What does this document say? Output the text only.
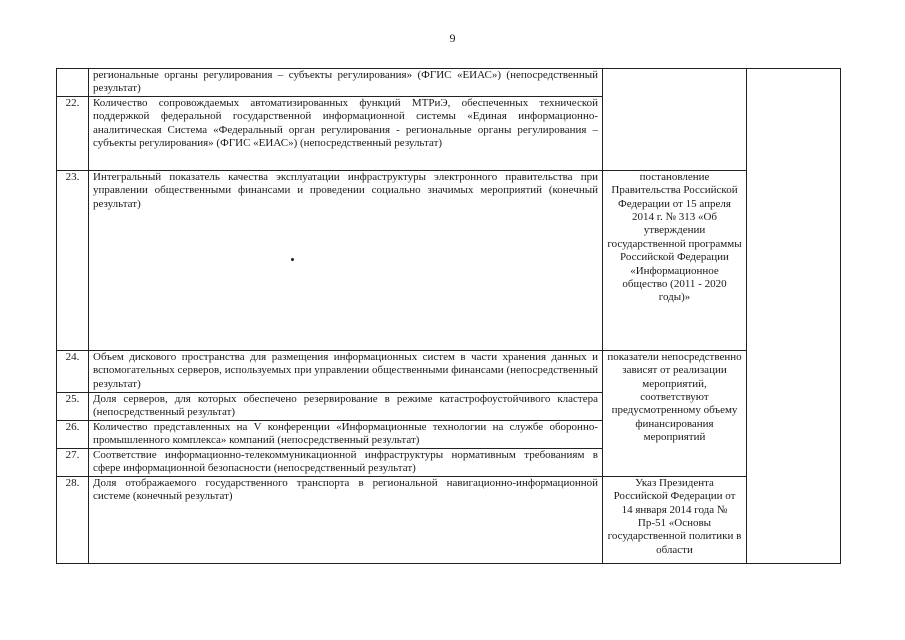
9
	региональные органы регулирования – субъекты регулирования» (ФГИС «ЕИАС») (непосредственный результат)		
22.	Количество сопровождаемых автоматизированных функций МТРиЭ, обеспеченных технической поддержкой федеральной государственной информационной системы «Единая информационно-аналитическая Система «Федеральный орган регулирования - региональные органы регулирования – субъекты регулирования» (ФГИС «ЕИАС») (непосредственный результат)		
23.	Интегральный показатель качества эксплуатации инфраструктуры электронного правительства при управлении общественными финансами и проведении социально значимых мероприятий (конечный результат)	постановление Правительства Российской Федерации от 15 апреля 2014 г. № 313 «Об утверждении государственной программы Российской Федерации «Информационное общество (2011 - 2020 годы)»	
24.	Объем дискового пространства для размещения информационных систем в части хранения данных и вспомогательных серверов, используемых при управлении общественными финансами (непосредственный результат)	показатели непосредственно зависят от реализации мероприятий, соответствуют предусмотренному объему финансирования мероприятий	
25.	Доля серверов, для которых обеспечено резервирование в режиме катастрофоустойчивого кластера (непосредственный результат)		
26.	Количество представленных на V конференции «Информационные технологии на службе оборонно-промышленного комплекса» компаний (непосредственный результат)		
27.	Соответствие информационно-телекоммуникационной инфраструктуры нормативным требованиям в сфере информационной безопасности (непосредственный результат)		
28.	Доля отображаемого государственного транспорта в региональной навигационно-информационной системе (конечный результат)	Указ Президента Российской Федерации от 14 января 2014 года № Пр-51 «Основы государственной политики в области	
